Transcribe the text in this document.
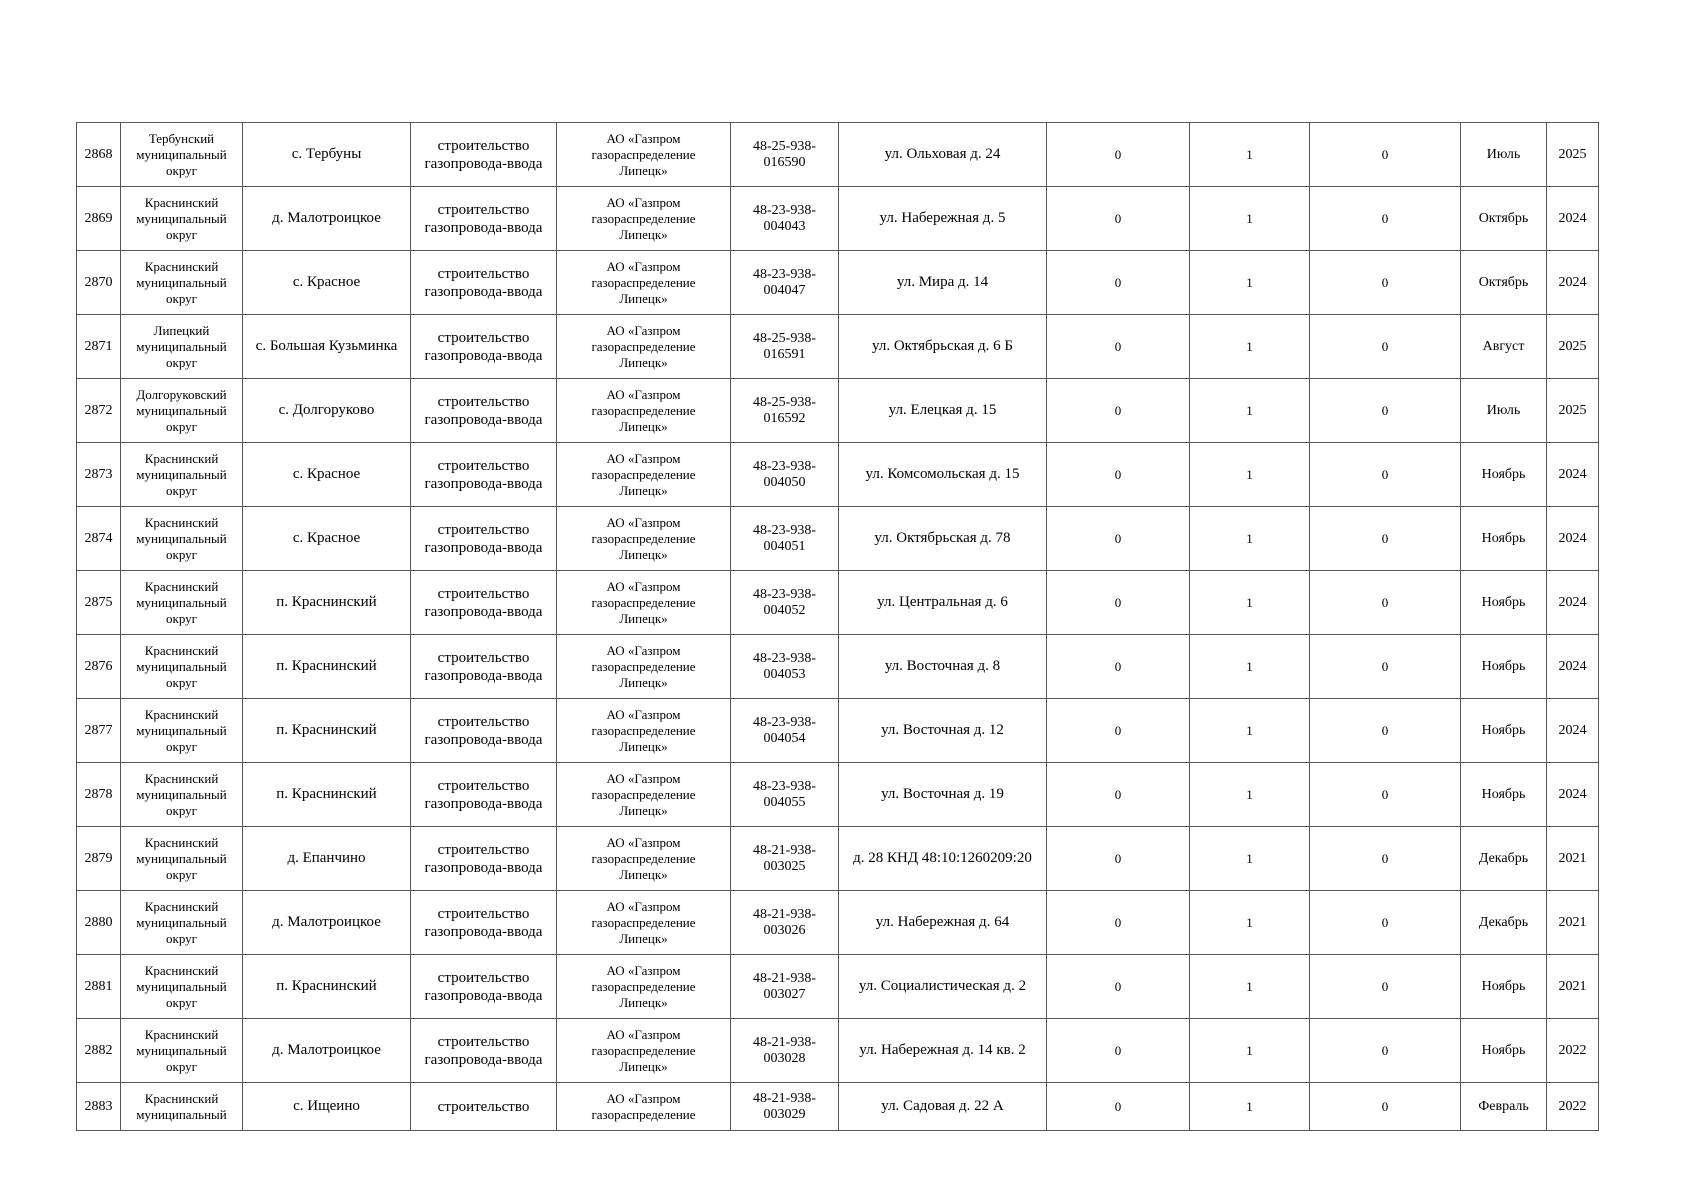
2868	Тербунский
муниципальный
округ	с. Тербуны	строительство
газопровода-ввода	АО «Газпром
газораспределение
Липецк»	48-25-938-
016590	ул. Ольховая д. 24	0	1	0	Июль	2025
2869	Краснинский
муниципальный
округ	д. Малотроицкое	строительство
газопровода-ввода	АО «Газпром
газораспределение
Липецк»	48-23-938-
004043	ул. Набережная д. 5	0	1	0	Октябрь	2024
2870	Краснинский
муниципальный
округ	с. Красное	строительство
газопровода-ввода	АО «Газпром
газораспределение
Липецк»	48-23-938-
004047	ул. Мира д. 14	0	1	0	Октябрь	2024
2871	Липецкий
муниципальный
округ	с. Большая Кузьминка	строительство
газопровода-ввода	АО «Газпром
газораспределение
Липецк»	48-25-938-
016591	ул. Октябрьская д. 6 Б	0	1	0	Август	2025
2872	Долгоруковский
муниципальный
округ	с. Долгоруково	строительство
газопровода-ввода	АО «Газпром
газораспределение
Липецк»	48-25-938-
016592	ул. Елецкая д. 15	0	1	0	Июль	2025
2873	Краснинский
муниципальный
округ	с. Красное	строительство
газопровода-ввода	АО «Газпром
газораспределение
Липецк»	48-23-938-
004050	ул. Комсомольская д. 15	0	1	0	Ноябрь	2024
2874	Краснинский
муниципальный
округ	с. Красное	строительство
газопровода-ввода	АО «Газпром
газораспределение
Липецк»	48-23-938-
004051	ул. Октябрьская д. 78	0	1	0	Ноябрь	2024
2875	Краснинский
муниципальный
округ	п. Краснинский	строительство
газопровода-ввода	АО «Газпром
газораспределение
Липецк»	48-23-938-
004052	ул. Центральная д. 6	0	1	0	Ноябрь	2024
2876	Краснинский
муниципальный
округ	п. Краснинский	строительство
газопровода-ввода	АО «Газпром
газораспределение
Липецк»	48-23-938-
004053	ул. Восточная д. 8	0	1	0	Ноябрь	2024
2877	Краснинский
муниципальный
округ	п. Краснинский	строительство
газопровода-ввода	АО «Газпром
газораспределение
Липецк»	48-23-938-
004054	ул. Восточная д. 12	0	1	0	Ноябрь	2024
2878	Краснинский
муниципальный
округ	п. Краснинский	строительство
газопровода-ввода	АО «Газпром
газораспределение
Липецк»	48-23-938-
004055	ул. Восточная д. 19	0	1	0	Ноябрь	2024
2879	Краснинский
муниципальный
округ	д. Епанчино	строительство
газопровода-ввода	АО «Газпром
газораспределение
Липецк»	48-21-938-
003025	д. 28 КНД 48:10:1260209:20	0	1	0	Декабрь	2021
2880	Краснинский
муниципальный
округ	д. Малотроицкое	строительство
газопровода-ввода	АО «Газпром
газораспределение
Липецк»	48-21-938-
003026	ул. Набережная д. 64	0	1	0	Декабрь	2021
2881	Краснинский
муниципальный
округ	п. Краснинский	строительство
газопровода-ввода	АО «Газпром
газораспределение
Липецк»	48-21-938-
003027	ул. Социалистическая д. 2	0	1	0	Ноябрь	2021
2882	Краснинский
муниципальный
округ	д. Малотроицкое	строительство
газопровода-ввода	АО «Газпром
газораспределение
Липецк»	48-21-938-
003028	ул. Набережная д. 14 кв. 2	0	1	0	Ноябрь	2022
2883	Краснинский
муниципальный	с. Ищеино	строительство	АО «Газпром
газораспределение	48-21-938-
003029	ул. Садовая д. 22 А	0	1	0	Февраль	2022
